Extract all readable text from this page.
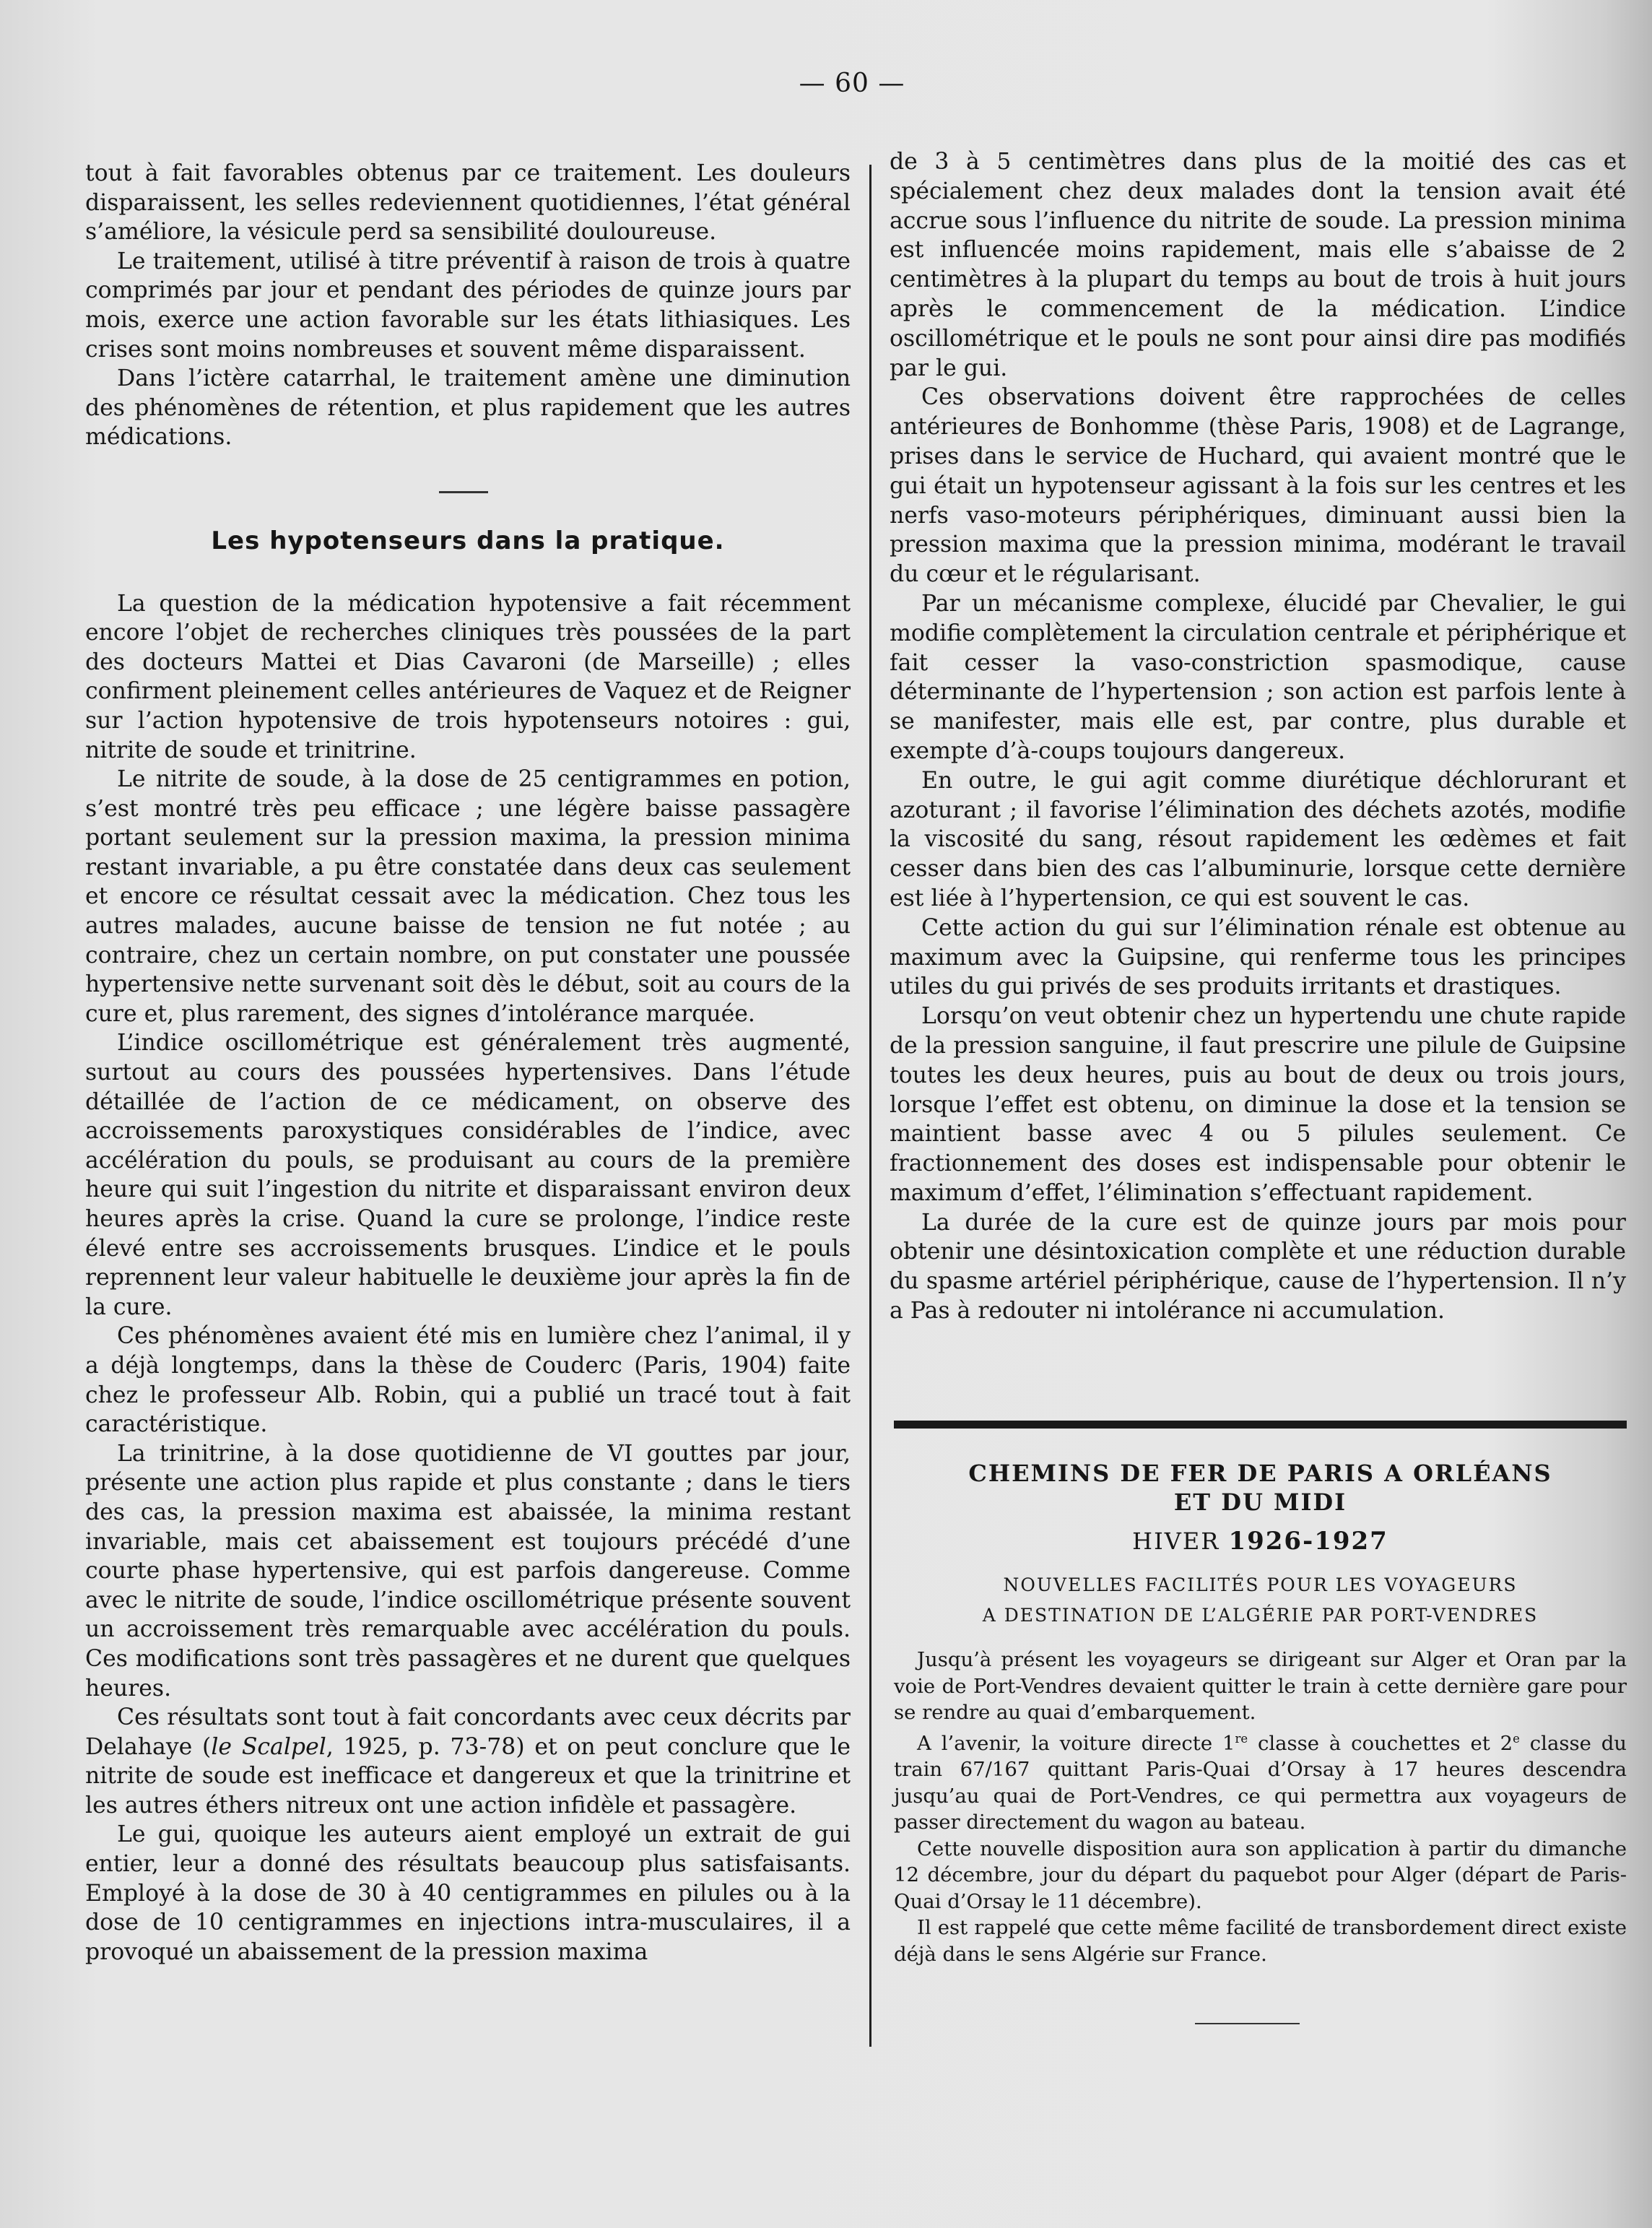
— 60 —

tout à fait favorables obtenus par ce traitement. Les douleurs disparaissent, les selles redeviennent quotidiennes, l’état général s’améliore, la vésicule perd sa sensibilité douloureuse.

Le traitement, utilisé à titre préventif à raison de trois à quatre comprimés par jour et pendant des périodes de quinze jours par mois, exerce une action favorable sur les états lithiasiques. Les crises sont moins nombreuses et souvent même disparaissent.

Dans l’ictère catarrhal, le traitement amène une diminution des phénomènes de rétention, et plus rapidement que les autres médications.

Les hypotenseurs dans la pratique.

La question de la médication hypotensive a fait récemment encore l’objet de recherches cliniques très poussées de la part des docteurs Mattei et Dias Cavaroni (de Marseille) ; elles confirment pleinement celles antérieures de Vaquez et de Reigner sur l’action hypotensive de trois hypotenseurs notoires : gui, nitrite de soude et trinitrine.

Le nitrite de soude, à la dose de 25 centigrammes en potion, s’est montré très peu efficace ; une légère baisse passagère portant seulement sur la pression maxima, la pression minima restant invariable, a pu être constatée dans deux cas seulement et encore ce résultat cessait avec la médication. Chez tous les autres malades, aucune baisse de tension ne fut notée ; au contraire, chez un certain nombre, on put constater une poussée hypertensive nette survenant soit dès le début, soit au cours de la cure et, plus rarement, des signes d’intolérance marquée.

L’indice oscillométrique est généralement très augmenté, surtout au cours des poussées hypertensives. Dans l’étude détaillée de l’action de ce médicament, on observe des accroissements paroxystiques considérables de l’indice, avec accélération du pouls, se produisant au cours de la première heure qui suit l’ingestion du nitrite et disparaissant environ deux heures après la crise. Quand la cure se prolonge, l’indice reste élevé entre ses accroissements brusques. L’indice et le pouls reprennent leur valeur habituelle le deuxième jour après la fin de la cure.

Ces phénomènes avaient été mis en lumière chez l’animal, il y a déjà longtemps, dans la thèse de Couderc (Paris, 1904) faite chez le professeur Alb. Robin, qui a publié un tracé tout à fait caractéristique.

La trinitrine, à la dose quotidienne de VI gouttes par jour, présente une action plus rapide et plus constante ; dans le tiers des cas, la pression maxima est abaissée, la minima restant invariable, mais cet abaissement est toujours précédé d’une courte phase hypertensive, qui est parfois dangereuse. Comme avec le nitrite de soude, l’indice oscillométrique présente souvent un accroissement très remarquable avec accélération du pouls. Ces modifications sont très passagères et ne durent que quelques heures.

Ces résultats sont tout à fait concordants avec ceux décrits par Delahaye (le Scalpel, 1925, p. 73-78) et on peut conclure que le nitrite de soude est inefficace et dangereux et que la trinitrine et les autres éthers nitreux ont une action infidèle et passagère.

Le gui, quoique les auteurs aient employé un extrait de gui entier, leur a donné des résultats beaucoup plus satisfaisants. Employé à la dose de 30 à 40 centigrammes en pilules ou à la dose de 10 centigrammes en injections intra-musculaires, il a provoqué un abaissement de la pression maxima

de 3 à 5 centimètres dans plus de la moitié des cas et spécialement chez deux malades dont la tension avait été accrue sous l’influence du nitrite de soude. La pression minima est influencée moins rapidement, mais elle s’abaisse de 2 centimètres à la plupart du temps au bout de trois à huit jours après le commencement de la médication. L’indice oscillométrique et le pouls ne sont pour ainsi dire pas modifiés par le gui.

Ces observations doivent être rapprochées de celles antérieures de Bonhomme (thèse Paris, 1908) et de Lagrange, prises dans le service de Huchard, qui avaient montré que le gui était un hypotenseur agissant à la fois sur les centres et les nerfs vaso-moteurs périphériques, diminuant aussi bien la pression maxima que la pression minima, modérant le travail du cœur et le régularisant.

Par un mécanisme complexe, élucidé par Chevalier, le gui modifie complètement la circulation centrale et périphérique et fait cesser la vaso-constriction spasmodique, cause déterminante de l’hypertension ; son action est parfois lente à se manifester, mais elle est, par contre, plus durable et exempte d’à-coups toujours dangereux.

En outre, le gui agit comme diurétique déchlorurant et azoturant ; il favorise l’élimination des déchets azotés, modifie la viscosité du sang, résout rapidement les œdèmes et fait cesser dans bien des cas l’albuminurie, lorsque cette dernière est liée à l’hypertension, ce qui est souvent le cas.

Cette action du gui sur l’élimination rénale est obtenue au maximum avec la Guipsine, qui renferme tous les principes utiles du gui privés de ses produits irritants et drastiques.

Lorsqu’on veut obtenir chez un hypertendu une chute rapide de la pression sanguine, il faut prescrire une pilule de Guipsine toutes les deux heures, puis au bout de deux ou trois jours, lorsque l’effet est obtenu, on diminue la dose et la tension se maintient basse avec 4 ou 5 pilules seulement. Ce fractionnement des doses est indispensable pour obtenir le maximum d’effet, l’élimination s’effectuant rapidement.

La durée de la cure est de quinze jours par mois pour obtenir une désintoxication complète et une réduction durable du spasme artériel périphérique, cause de l’hypertension. Il n’y a Pas à redouter ni intolérance ni accumulation.

CHEMINS DE FER DE PARIS A ORLÉANS
ET DU MIDI
HIVER 1926-1927
NOUVELLES FACILITÉS POUR LES VOYAGEURS
A DESTINATION DE L’ALGÉRIE PAR PORT-VENDRES

Jusqu’à présent les voyageurs se dirigeant sur Alger et Oran par la voie de Port-Vendres devaient quitter le train à cette dernière gare pour se rendre au quai d’embarquement.

A l’avenir, la voiture directe 1re classe à couchettes et 2e classe du train 67/167 quittant Paris-Quai d’Orsay à 17 heures descendra jusqu’au quai de Port-Vendres, ce qui permettra aux voyageurs de passer directement du wagon au bateau.

Cette nouvelle disposition aura son application à partir du dimanche 12 décembre, jour du départ du paquebot pour Alger (départ de Paris-Quai d’Orsay le 11 décembre).

Il est rappelé que cette même facilité de transbordement direct existe déjà dans le sens Algérie sur France.
